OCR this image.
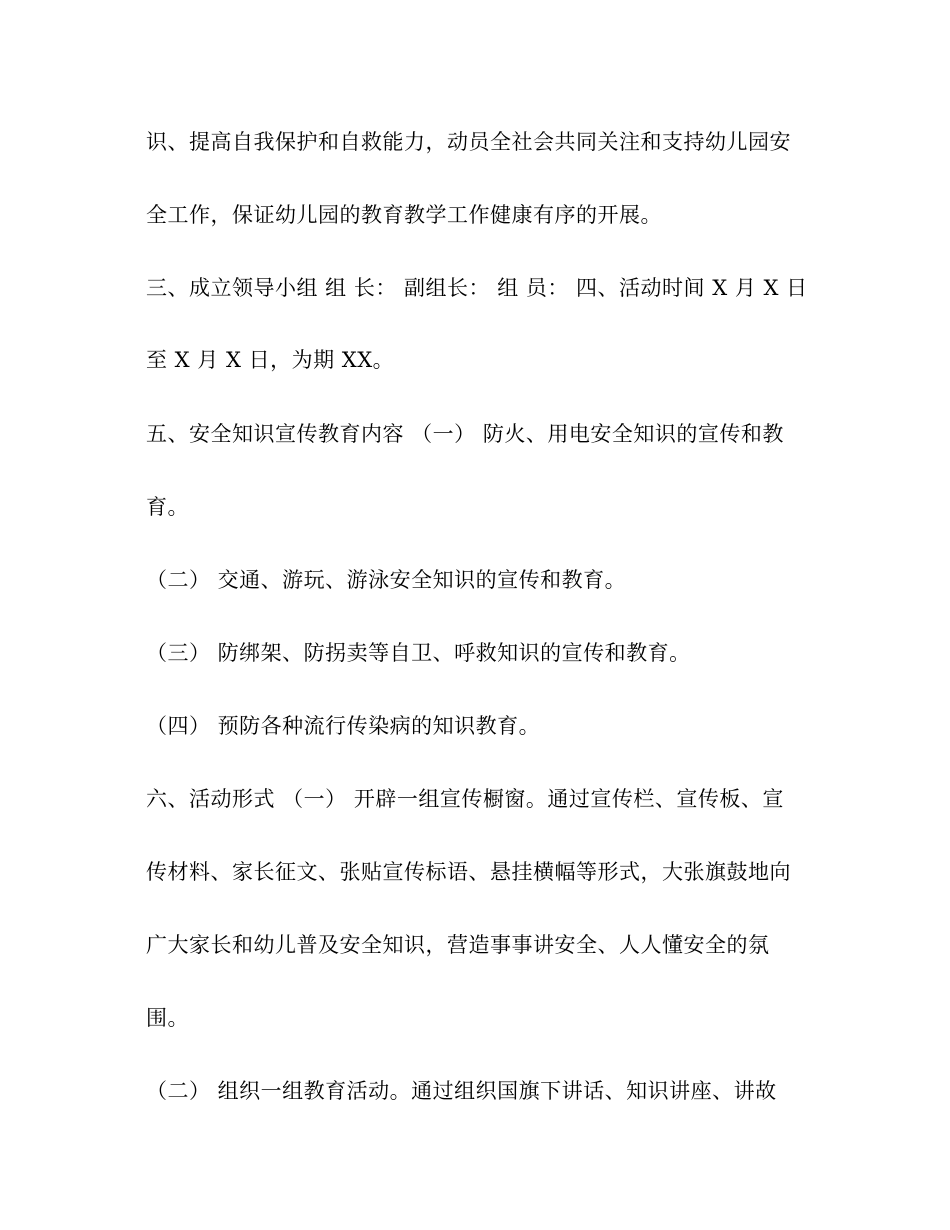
识、提高自我保护和自救能力，动员全社会共同关注和支持幼儿园安
全工作，保证幼儿园的教育教学工作健康有序的开展。
三、成立领导小组 组 长： 副组长： 组 员： 四、活动时间 X 月 X 日
至 X 月 X 日，为期 XX。
五、安全知识宣传教育内容 （一） 防火、用电安全知识的宣传和教
育。
（二） 交通、游玩、游泳安全知识的宣传和教育。
（三） 防绑架、防拐卖等自卫、呼救知识的宣传和教育。
（四） 预防各种流行传染病的知识教育。
六、活动形式 （一） 开辟一组宣传橱窗。通过宣传栏、宣传板、宣
传材料、家长征文、张贴宣传标语、悬挂横幅等形式，大张旗鼓地向
广大家长和幼儿普及安全知识，营造事事讲安全、人人懂安全的氛
围。
（二） 组织一组教育活动。通过组织国旗下讲话、知识讲座、讲故
